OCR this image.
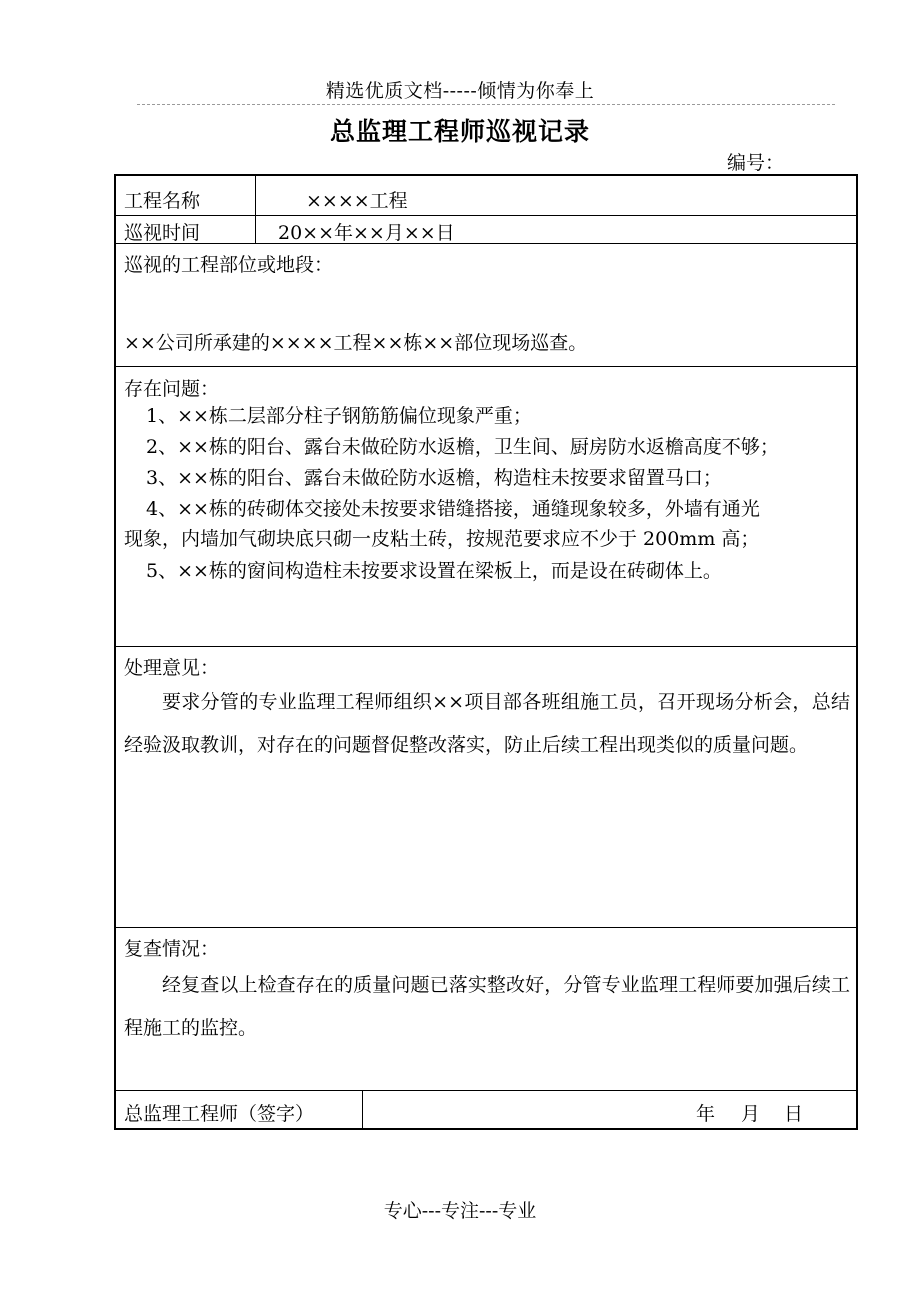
精选优质文档-----倾情为你奉上
总监理工程师巡视记录
编号：
工程名称	××××工程
巡视时间	20××年××月××日
巡视的工程部位或地段：
××公司所承建的××××工程××栋××部位现场巡查。
存在问题：
1、××栋二层部分柱子钢筋筋偏位现象严重；
2、××栋的阳台、露台未做砼防水返檐，卫生间、厨房防水返檐高度不够；
3、××栋的阳台、露台未做砼防水返檐，构造柱未按要求留置马口；
4、××栋的砖砌体交接处未按要求错缝搭接，通缝现象较多，外墙有通光
现象，内墙加气砌块底只砌一皮粘土砖，按规范要求应不少于 200mm 高；
5、××栋的窗间构造柱未按要求设置在梁板上，而是设在砖砌体上。
处理意见：
要求分管的专业监理工程师组织××项目部各班组施工员，召开现场分析会，总结经验汲取教训，对存在的问题督促整改落实，防止后续工程出现类似的质量问题。
复查情况：
经复查以上检查存在的质量问题已落实整改好，分管专业监理工程师要加强后续工程施工的监控。
总监理工程师（签字）	年 月 日
专心---专注---专业
